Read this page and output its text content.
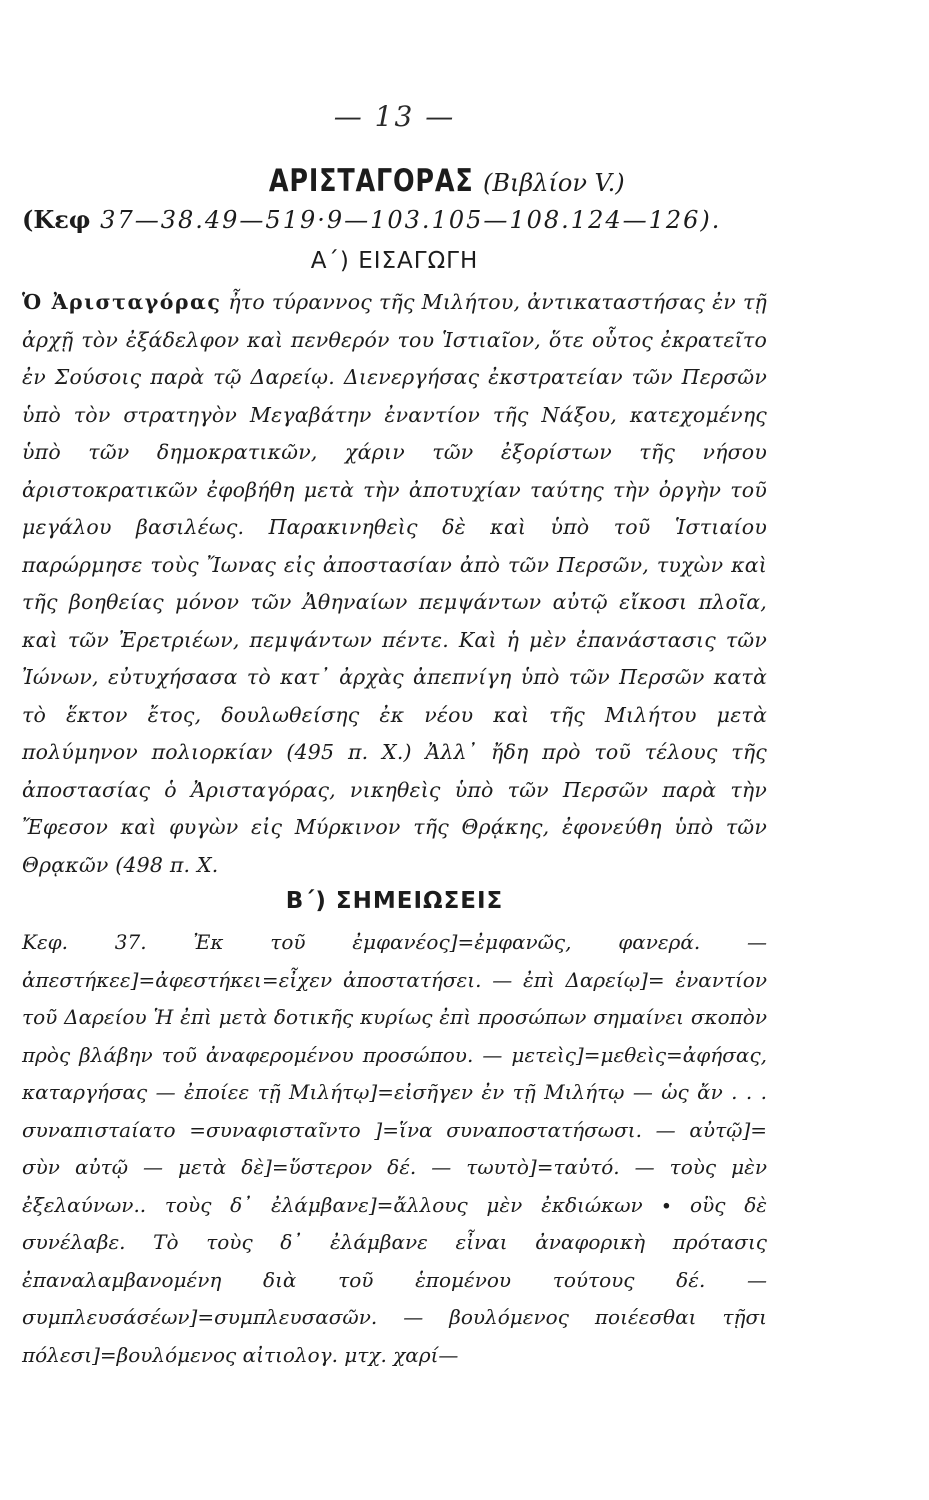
— 13 —
ΑΡΙΣΤΑΓΟΡΑΣ (Βιβλίον V.)
(Κεφ 37—38.49—519·9—103.105—108.124—126).
Α΄) ΕΙΣΑΓΩΓΗ

Ὁ Ἀρισταγόρας ἦτο τύραννος τῆς Μιλήτου, ἀντικαταστήσας ἐν τῇ ἀρχῇ τὸν ἐξάδελφον καὶ πενθερόν του Ἱστιαῖον, ὅτε οὗτος ἐκρατεῖτο ἐν Σούσοις παρὰ τῷ Δαρείῳ. Διενεργήσας ἐκστρατείαν τῶν Περσῶν ὑπὸ τὸν στρατηγὸν Μεγαβάτην ἐναντίον τῆς Νάξου, κατεχομένης ὑπὸ τῶν δημοκρατικῶν, χάριν τῶν ἐξορίστων τῆς νήσου ἀριστοκρατικῶν ἐφοβήθη μετὰ τὴν ἀποτυχίαν ταύτης τὴν ὀργὴν τοῦ μεγάλου βασιλέως. Παρακινηθεὶς δὲ καὶ ὑπὸ τοῦ Ἱστιαίου παρώρμησε τοὺς Ἴωνας εἰς ἀποστασίαν ἀπὸ τῶν Περσῶν, τυχὼν καὶ τῆς βοηθείας μόνον τῶν Ἀθηναίων πεμψάντων αὐτῷ εἴκοσι πλοῖα, καὶ τῶν Ἐρετριέων, πεμψάντων πέντε. Καὶ ἡ μὲν ἐπανάστασις τῶν Ἰώνων, εὐτυχήσασα τὸ κατ᾽ ἀρχὰς ἀπεπνίγη ὑπὸ τῶν Περσῶν κατὰ τὸ ἕκτον ἔτος, δουλωθείσης ἐκ νέου καὶ τῆς Μιλήτου μετὰ πολύμηνον πολιορκίαν (495 π. Χ.) Ἀλλ᾽ ἤδη πρὸ τοῦ τέλους τῆς ἀποστασίας ὁ Ἀρισταγόρας, νικηθεὶς ὑπὸ τῶν Περσῶν παρὰ τὴν Ἔφεσον καὶ φυγὼν εἰς Μύρκινον τῆς Θρᾴκης, ἐφονεύθη ὑπὸ τῶν Θρᾳκῶν (498 π. Χ.

Β΄) ΣΗΜΕΙΩΣΕΙΣ

Κεφ. 37. Ἐκ τοῦ ἐμφανέος]=ἐμφανῶς, φανερά. — ἀπεστήκεε]=ἀφεστήκει=εἶχεν ἀποστατήσει. — ἐπὶ Δαρείῳ]= ἐναντίον τοῦ Δαρείου Ἡ ἐπὶ μετὰ δοτικῆς κυρίως ἐπὶ προσώπων σημαίνει σκοπὸν πρὸς βλάβην τοῦ ἀναφερομένου προσώπου. — μετεὶς]=μεθεὶς=ἀφήσας, καταργήσας — ἐποίεε τῇ Μιλήτῳ]=εἰσῆγεν ἐν τῇ Μιλήτῳ — ὡς ἄν . . . συναπιστaίατο =συναφισταῖντο ]=ἵνα συναποστατήσωσι. — αὐτῷ]= σὺν αὐτῷ — μετὰ δὲ]=ὕστερον δέ. — τωυτὸ]=ταὐτό. — τοὺς μὲν ἐξελαύνων.. τοὺς δ᾽ ἐλάμβανε]=ἄλλους μὲν ἐκδιώκων ∙ οὓς δὲ συνέλαβε. Τὸ τοὺς δ᾽ ἐλάμβανε εἶναι ἀναφορικὴ πρότασις ἐπαναλαμβανομένη διὰ τοῦ ἑπομένου τούτους δέ. — συμπλευσάσέων]=συμπλευσασῶν. — βουλόμενος ποιέεσθαι τῇσι πόλεσι]=βουλόμενος αἰτιολογ. μτχ. χαρί—
